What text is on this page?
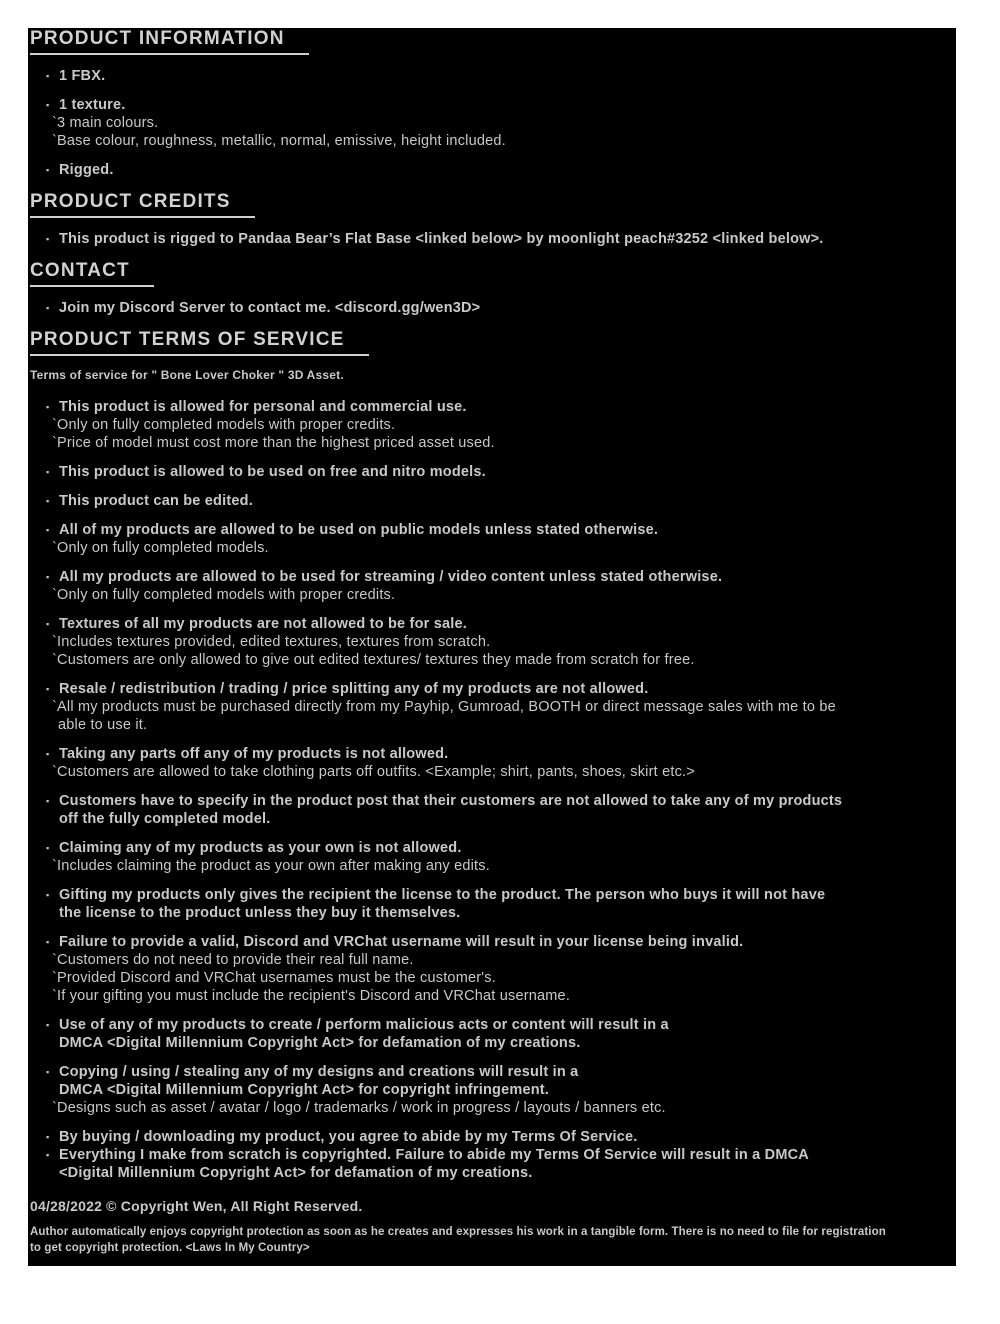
PRODUCT INFORMATION
▪ 1 FBX.
▪ 1 texture.
`3 main colours.
`Base colour, roughness, metallic, normal, emissive, height included.
▪ Rigged.
PRODUCT CREDITS
▪ This product is rigged to Pandaa Bear’s Flat Base <linked below> by moonlight peach#3252 <linked below>.
CONTACT
▪ Join my Discord Server to contact me. <discord.gg/wen3D>
PRODUCT TERMS OF SERVICE
Terms of service for " Bone Lover Choker " 3D Asset.
▪ This product is allowed for personal and commercial use.
`Only on fully completed models with proper credits.
`Price of model must cost more than the highest priced asset used.
▪ This product is allowed to be used on free and nitro models.
▪ This product can be edited.
▪ All of my products are allowed to be used on public models unless stated otherwise.
`Only on fully completed models.
▪ All my products are allowed to be used for streaming / video content unless stated otherwise.
`Only on fully completed models with proper credits.
▪ Textures of all my products are not allowed to be for sale.
`Includes textures provided, edited textures, textures from scratch.
`Customers are only allowed to give out edited textures/ textures they made from scratch for free.
▪ Resale / redistribution / trading / price splitting any of my products are not allowed.
`All my products must be purchased directly from my Payhip, Gumroad, BOOTH or direct message sales with me to be
able to use it.
▪ Taking any parts off any of my products is not allowed.
`Customers are allowed to take clothing parts off outfits. <Example; shirt, pants, shoes, skirt etc.>
▪ Customers have to specify in the product post that their customers are not allowed to take any of my products
off the fully completed model.
▪ Claiming any of my products as your own is not allowed.
`Includes claiming the product as your own after making any edits.
▪ Gifting my products only gives the recipient the license to the product. The person who buys it will not have
the license to the product unless they buy it themselves.
▪ Failure to provide a valid, Discord and VRChat username will result in your license being invalid.
`Customers do not need to provide their real full name.
`Provided Discord and VRChat usernames must be the customer's.
`If your gifting you must include the recipient's Discord and VRChat username.
▪ Use of any of my products to create / perform malicious acts or content will result in a
DMCA <Digital Millennium Copyright Act> for defamation of my creations.
▪ Copying / using / stealing any of my designs and creations will result in a
DMCA <Digital Millennium Copyright Act> for copyright infringement.
`Designs such as asset / avatar / logo / trademarks / work in progress / layouts / banners etc.
▪ By buying / downloading my product, you agree to abide by my Terms Of Service.
▪ Everything I make from scratch is copyrighted. Failure to abide my Terms Of Service will result in a DMCA
<Digital Millennium Copyright Act> for defamation of my creations.
04/28/2022 © Copyright Wen, All Right Reserved.
Author automatically enjoys copyright protection as soon as he creates and expresses his work in a tangible form. There is no need to file for registration
to get copyright protection. <Laws In My Country>
